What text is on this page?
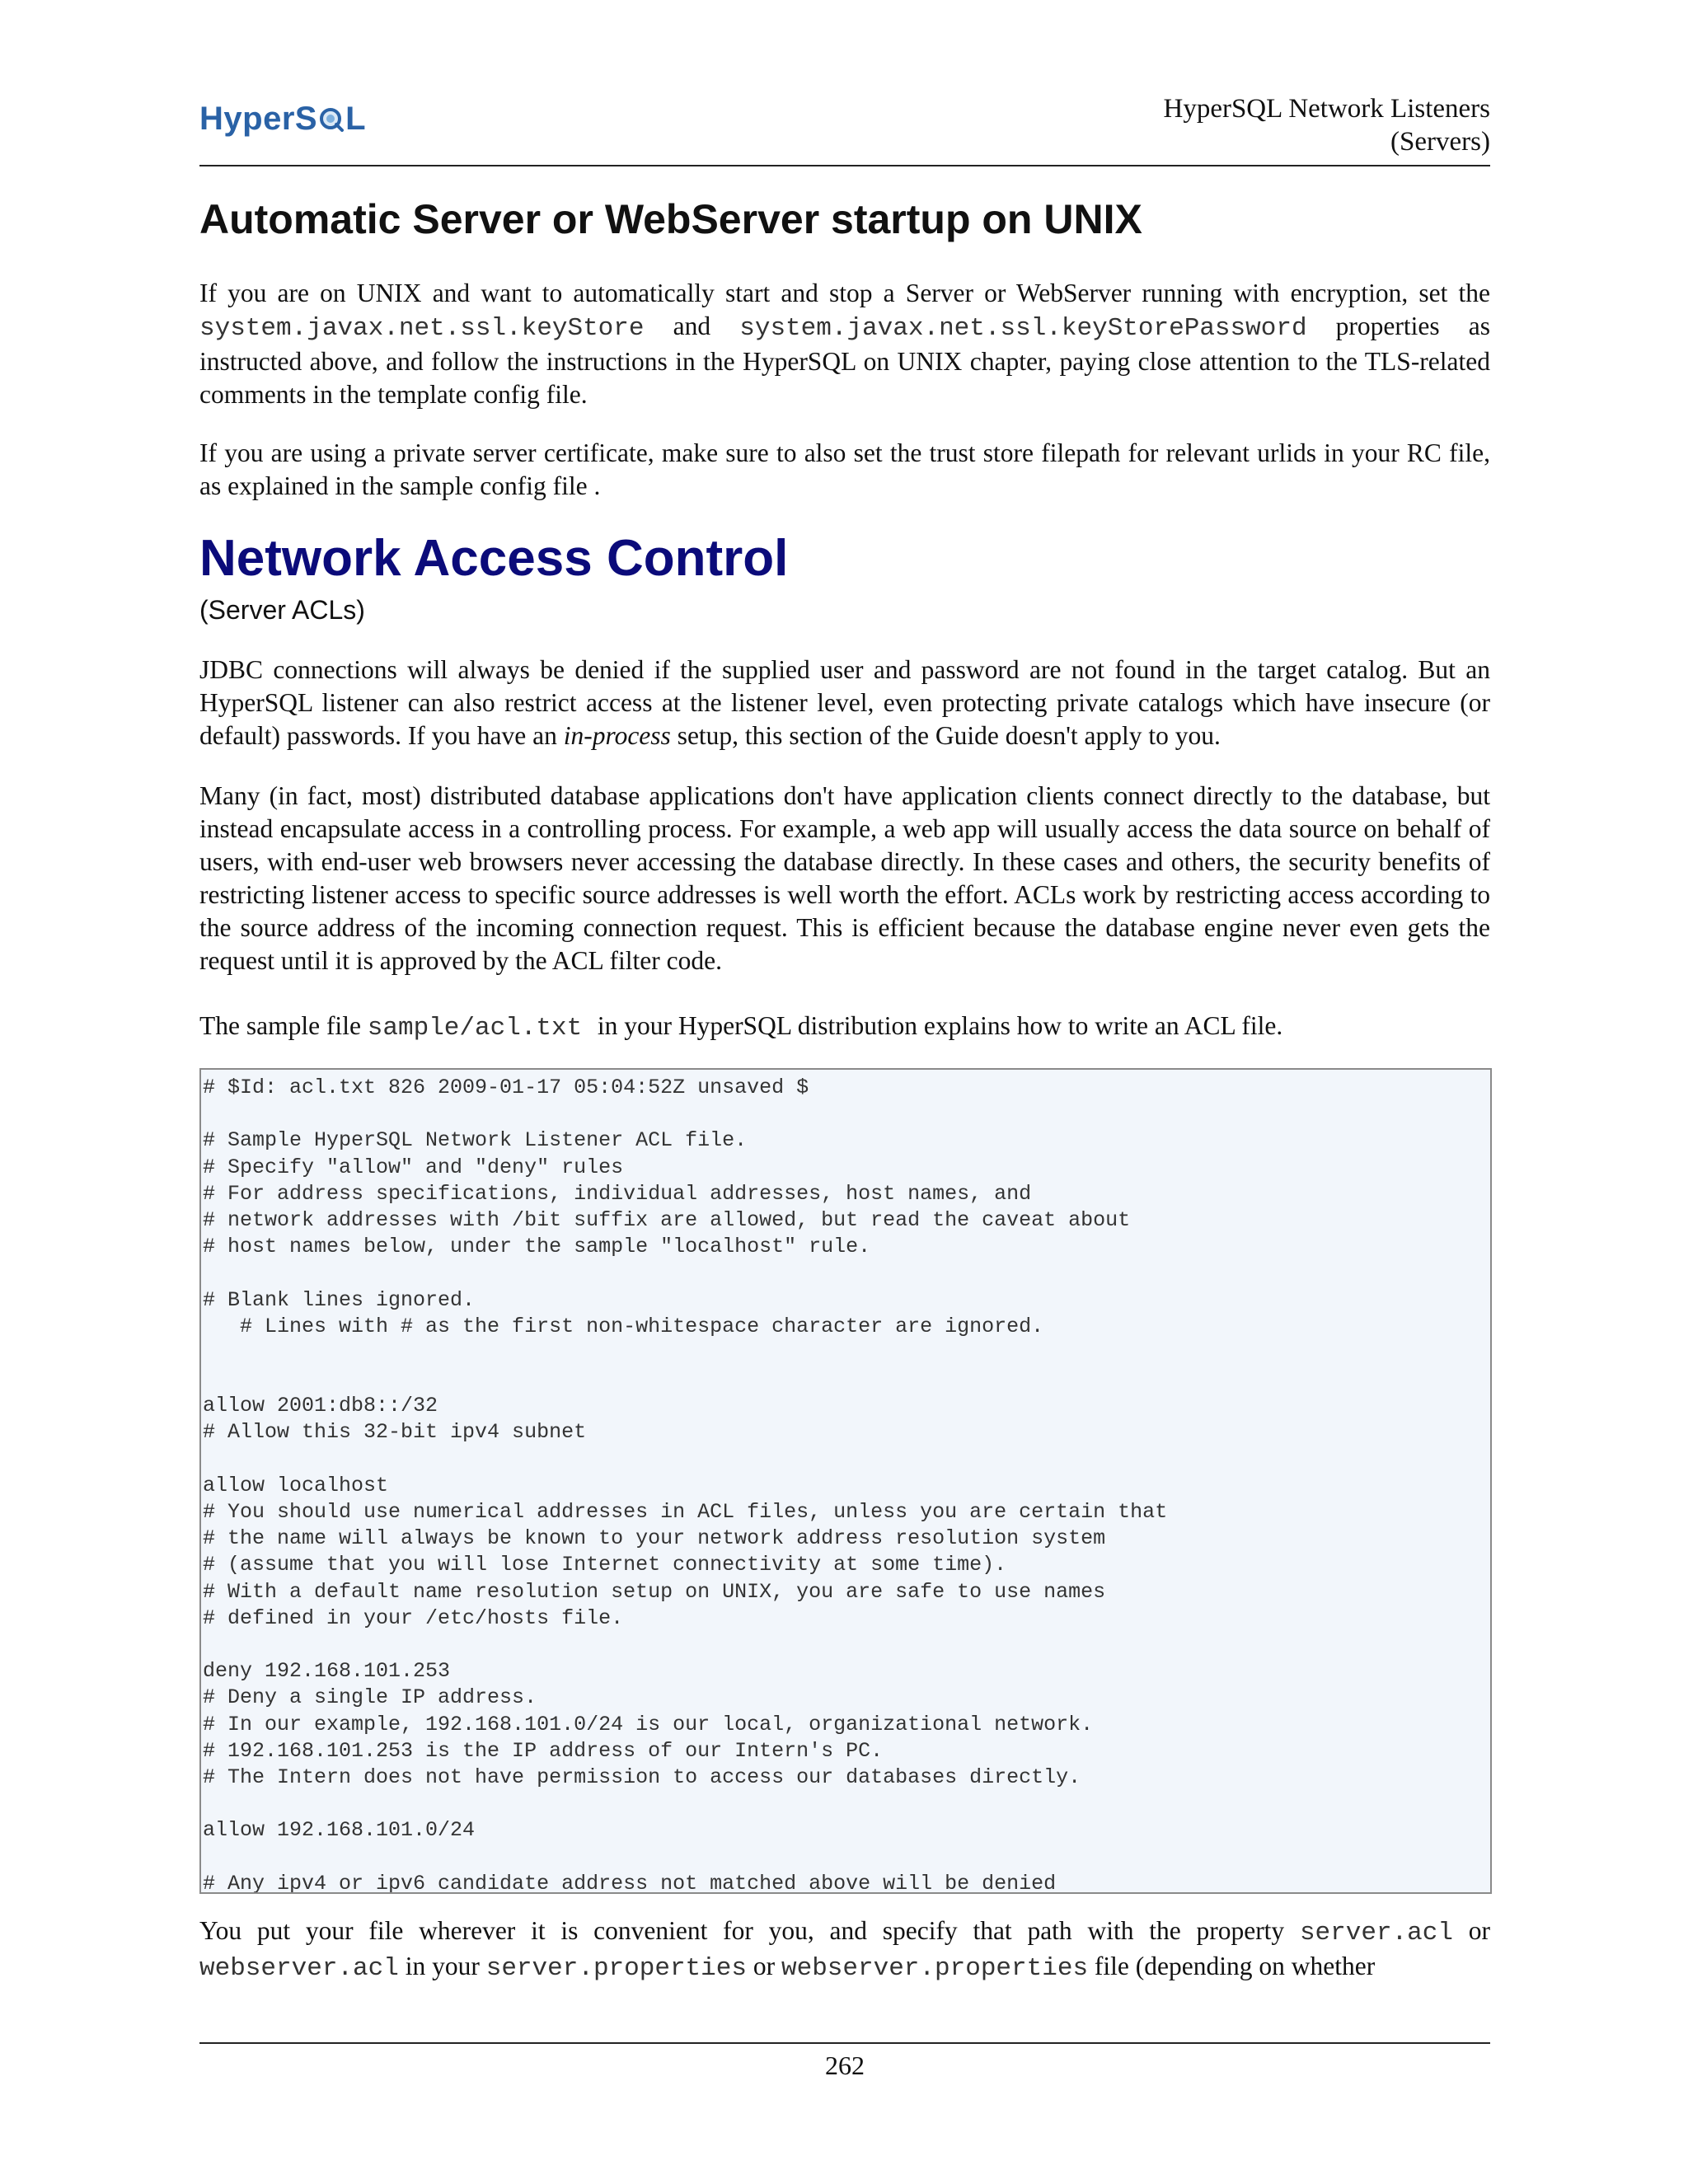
HyperS L	HyperSQL Network Listeners
(Servers)
Automatic Server or WebServer startup on UNIX

If you are on UNIX and want to automatically start and stop a Server or WebServer running with encryption, set the system.javax.net.ssl.keyStore and system.javax.net.ssl.keyStorePassword properties as instructed above, and follow the instructions in the HyperSQL on UNIX chapter, paying close attention to the TLS-related comments in the template config file.

If you are using a private server certificate, make sure to also set the trust store filepath for relevant urlids in your RC file, as explained in the sample config file .

Network Access Control
(Server ACLs)

JDBC connections will always be denied if the supplied user and password are not found in the target catalog. But an HyperSQL listener can also restrict access at the listener level, even protecting private catalogs which have insecure (or default) passwords. If you have an in-process setup, this section of the Guide doesn't apply to you.

Many (in fact, most) distributed database applications don't have application clients connect directly to the database, but instead encapsulate access in a controlling process. For example, a web app will usually access the data source on behalf of users, with end-user web browsers never accessing the database directly. In these cases and others, the security benefits of restricting listener access to specific source addresses is well worth the effort. ACLs work by restricting access according to the source address of the incoming connection request. This is efficient because the database engine never even gets the request until it is approved by the ACL filter code.

The sample file sample/acl.txt in your HyperSQL distribution explains how to write an ACL file.

# $Id: acl.txt 826 2009-01-17 05:04:52Z unsaved $
# Sample HyperSQL Network Listener ACL file.
# Specify "allow" and "deny" rules
# For address specifications, individual addresses, host names, and
# network addresses with /bit suffix are allowed, but read the caveat about
# host names below, under the sample "localhost" rule.
# Blank lines ignored.
# Lines with # as the first non-whitespace character are ignored.
allow 2001:db8::/32
# Allow this 32-bit ipv4 subnet
allow localhost
# You should use numerical addresses in ACL files, unless you are certain that
# the name will always be known to your network address resolution system
# (assume that you will lose Internet connectivity at some time).
# With a default name resolution setup on UNIX, you are safe to use names
# defined in your /etc/hosts file.
deny 192.168.101.253
# Deny a single IP address.
# In our example, 192.168.101.0/24 is our local, organizational network.
# 192.168.101.253 is the IP address of our Intern's PC.
# The Intern does not have permission to access our databases directly.
allow 192.168.101.0/24
# Any ipv4 or ipv6 candidate address not matched above will be denied

You put your file wherever it is convenient for you, and specify that path with the property server.acl or webserver.acl in your server.properties or webserver.properties file (depending on whether

262
